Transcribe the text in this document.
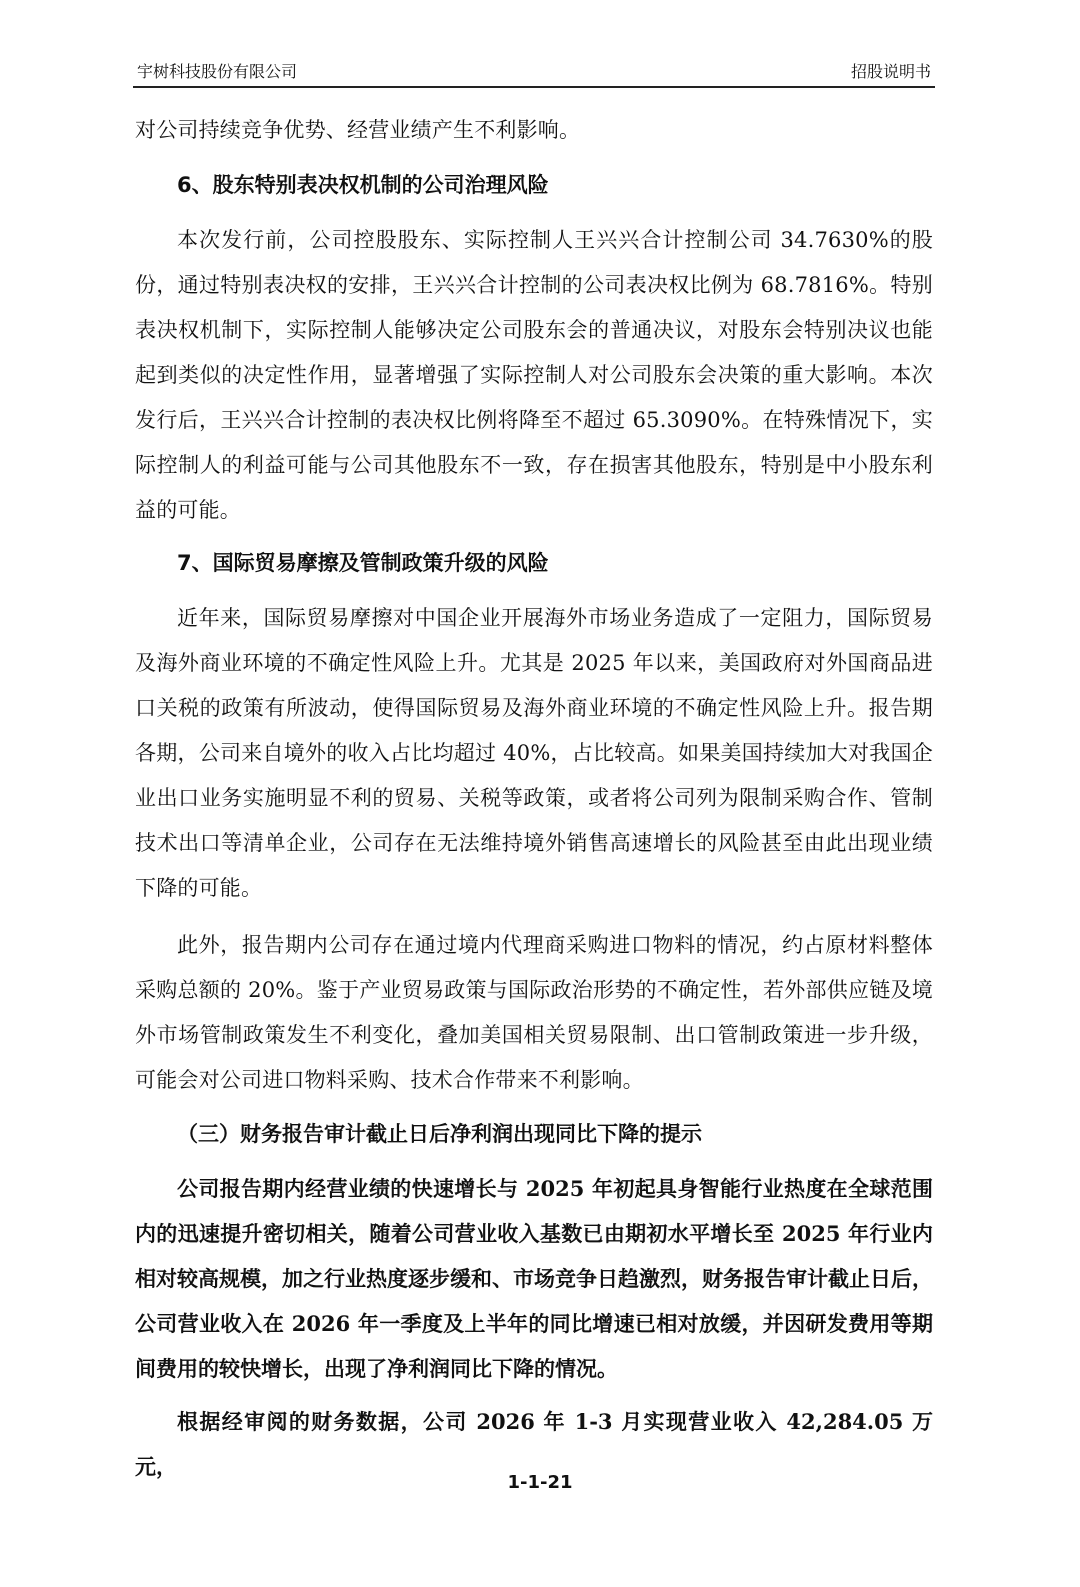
宇树科技股份有限公司	招股说明书

对公司持续竞争优势、经营业绩产生不利影响。

6、股东特别表决权机制的公司治理风险

本次发行前，公司控股股东、实际控制人王兴兴合计控制公司 34.7630%的股份，通过特别表决权的安排，王兴兴合计控制的公司表决权比例为 68.7816%。特别表决权机制下，实际控制人能够决定公司股东会的普通决议，对股东会特别决议也能起到类似的决定性作用，显著增强了实际控制人对公司股东会决策的重大影响。本次发行后，王兴兴合计控制的表决权比例将降至不超过 65.3090%。在特殊情况下，实际控制人的利益可能与公司其他股东不一致，存在损害其他股东，特别是中小股东利益的可能。

7、国际贸易摩擦及管制政策升级的风险

近年来，国际贸易摩擦对中国企业开展海外市场业务造成了一定阻力，国际贸易及海外商业环境的不确定性风险上升。尤其是 2025 年以来，美国政府对外国商品进口关税的政策有所波动，使得国际贸易及海外商业环境的不确定性风险上升。报告期各期，公司来自境外的收入占比均超过 40%，占比较高。如果美国持续加大对我国企业出口业务实施明显不利的贸易、关税等政策，或者将公司列为限制采购合作、管制技术出口等清单企业，公司存在无法维持境外销售高速增长的风险甚至由此出现业绩下降的可能。

此外，报告期内公司存在通过境内代理商采购进口物料的情况，约占原材料整体采购总额的 20%。鉴于产业贸易政策与国际政治形势的不确定性，若外部供应链及境外市场管制政策发生不利变化，叠加美国相关贸易限制、出口管制政策进一步升级，可能会对公司进口物料采购、技术合作带来不利影响。

（三）财务报告审计截止日后净利润出现同比下降的提示

公司报告期内经营业绩的快速增长与 2025 年初起具身智能行业热度在全球范围内的迅速提升密切相关，随着公司营业收入基数已由期初水平增长至 2025 年行业内相对较高规模，加之行业热度逐步缓和、市场竞争日趋激烈，财务报告审计截止日后，公司营业收入在 2026 年一季度及上半年的同比增速已相对放缓，并因研发费用等期间费用的较快增长，出现了净利润同比下降的情况。

根据经审阅的财务数据，公司 2026 年 1-3 月实现营业收入 42,284.05 万元，

1-1-21
